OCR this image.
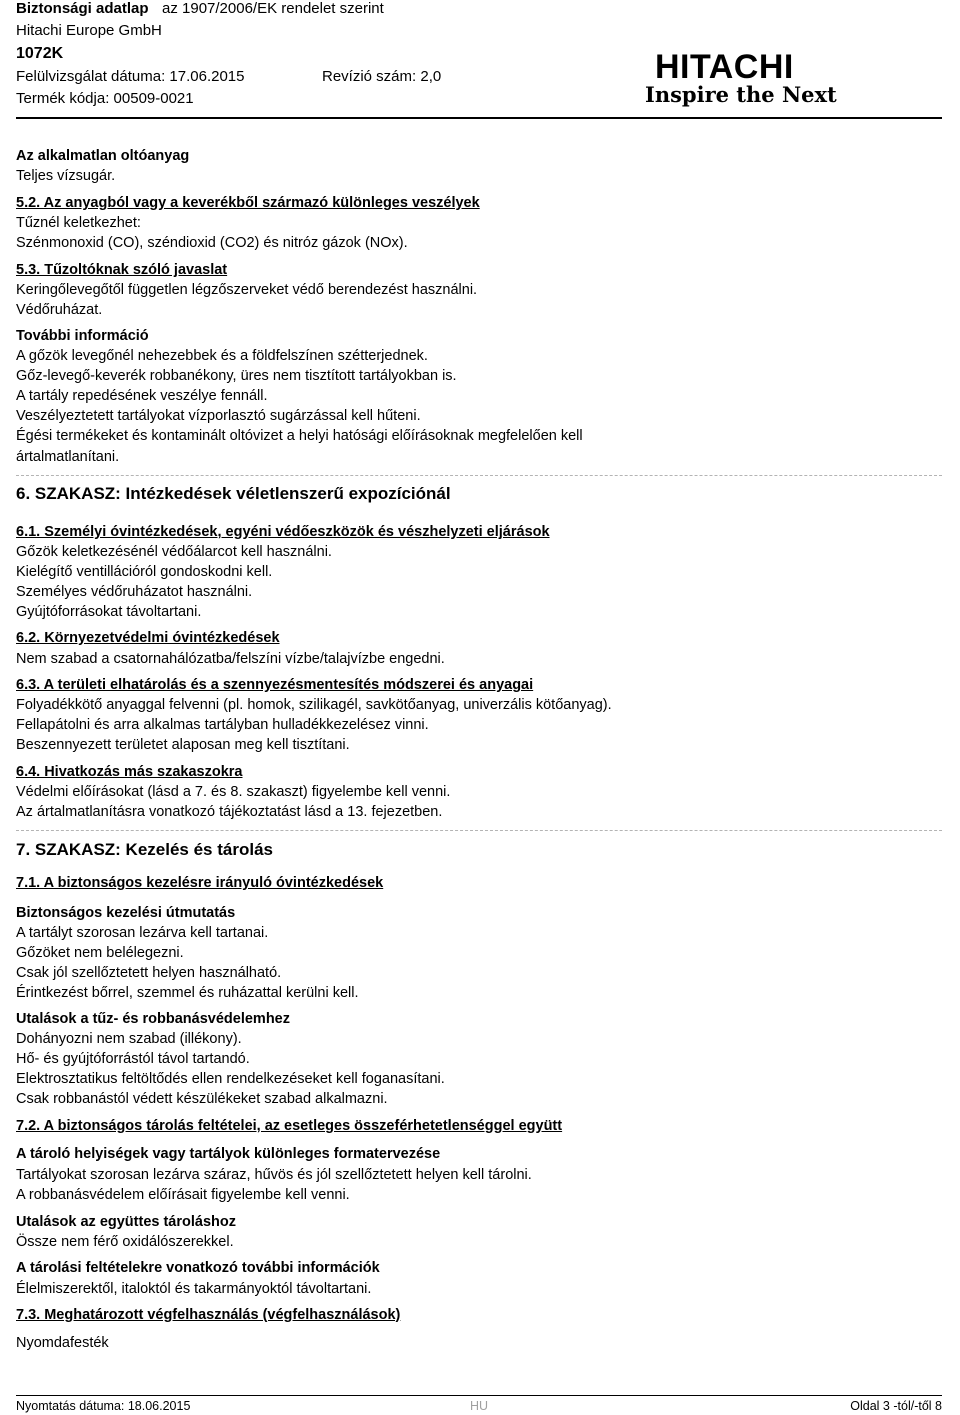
Biztonsági adatlap az 1907/2006/EK rendelet szerint
Hitachi Europe GmbH
1072K
Felülvizsgálat dátuma: 17.06.2015	Revízió szám: 2,0
Termék kódja: 00509-0021
HITACHI
Inspire the Next
Az alkalmatlan oltóanyag
Teljes vízsugár.
5.2. Az anyagból vagy a keverékből származó különleges veszélyek
Tűznél keletkezhet:
Szénmonoxid (CO), széndioxid (CO2) és nitróz gázok (NOx).
5.3. Tűzoltóknak szóló javaslat
Keringőlevegőtől független légzőszerveket védő berendezést használni.
Védőruházat.
További információ
A gőzök levegőnél nehezebbek és a földfelszínen szétterjednek.
Gőz-levegő-keverék robbanékony, üres nem tisztított tartályokban is.
A tartály repedésének veszélye fennáll.
Veszélyeztetett tartályokat vízporlasztó sugárzással kell hűteni.
Égési termékeket és kontaminált oltóvizet a helyi hatósági előírásoknak megfelelően kell
ártalmatlanítani.
6. SZAKASZ: Intézkedések véletlenszerű expozíciónál
6.1. Személyi óvintézkedések, egyéni védőeszközök és vészhelyzeti eljárások
Gőzök keletkezésénél védőálarcot kell használni.
Kielégítő ventillációról gondoskodni kell.
Személyes védőruházatot használni.
Gyújtóforrásokat távoltartani.
6.2. Környezetvédelmi óvintézkedések
Nem szabad a csatornahálózatba/felszíni vízbe/talajvízbe engedni.
6.3. A területi elhatárolás és a szennyezésmentesítés módszerei és anyagai
Folyadékkötő anyaggal felvenni (pl. homok, szilikagél, savkötőanyag, univerzális kötőanyag).
Fellapátolni és arra alkalmas tartályban hulladékkezelésez vinni.
Beszennyezett területet alaposan meg kell tisztítani.
6.4. Hivatkozás más szakaszokra
Védelmi előírásokat (lásd a 7. és 8. szakaszt) figyelembe kell venni.
Az ártalmatlanításra vonatkozó tájékoztatást lásd a 13. fejezetben.
7. SZAKASZ: Kezelés és tárolás
7.1. A biztonságos kezelésre irányuló óvintézkedések
Biztonságos kezelési útmutatás
A tartályt szorosan lezárva kell tartanai.
Gőzöket nem belélegezni.
Csak jól szellőztetett helyen használható.
Érintkezést bőrrel, szemmel és ruházattal kerülni kell.
Utalások a tűz- és robbanásvédelemhez
Dohányozni nem szabad (illékony).
Hő- és gyújtóforrástól távol tartandó.
Elektrosztatikus feltöltődés ellen rendelkezéseket kell foganasítani.
Csak robbanástól védett készülékeket szabad alkalmazni.
7.2. A biztonságos tárolás feltételei, az esetleges összeférhetetlenséggel együtt
A tároló helyiségek vagy tartályok különleges formatervezése
Tartályokat szorosan lezárva száraz, hűvös és jól szellőztetett helyen kell tárolni.
A robbanásvédelem előírásait figyelembe kell venni.
Utalások az együttes tároláshoz
Össze nem férő oxidálószerekkel.
A tárolási feltételekre vonatkozó további információk
Élelmiszerektől, italoktól és takarmányoktól távoltartani.
7.3. Meghatározott végfelhasználás (végfelhasználások)
Nyomdafesték
Nyomtatás dátuma: 18.06.2015	HU	Oldal 3 -tól/-től 8
